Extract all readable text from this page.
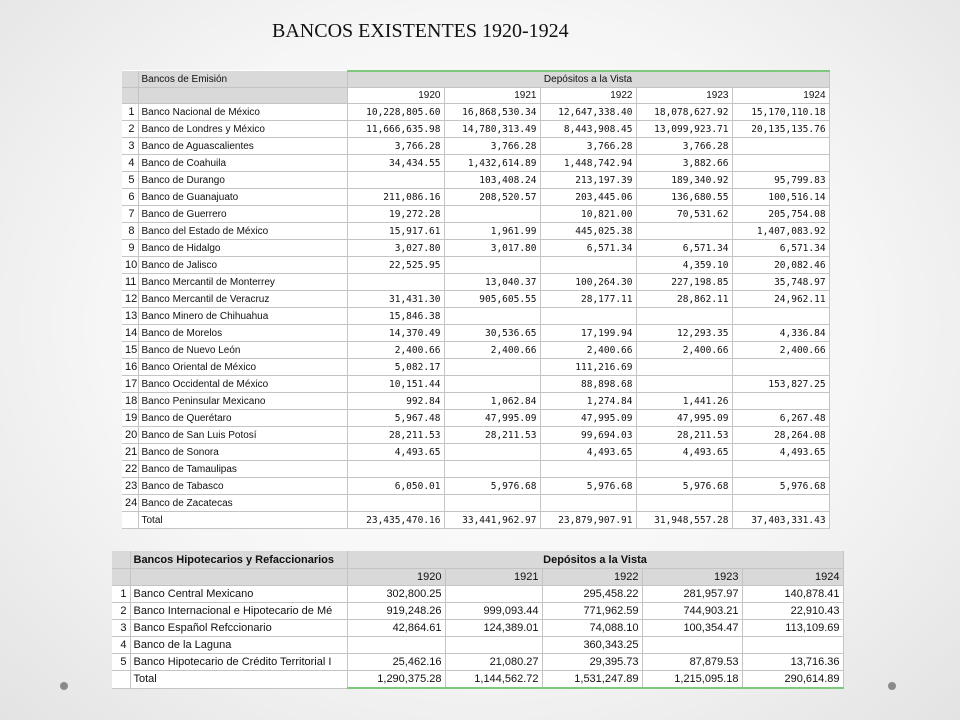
BANCOS EXISTENTES 1920-1924
	Bancos de Emisión	Depósitos a la Vista				
		1920	1921	1922	1923	1924
1	Banco Nacional de México	10,228,805.60	16,868,530.34	12,647,338.40	18,078,627.92	15,170,110.18
2	Banco de Londres y México	11,666,635.98	14,780,313.49	8,443,908.45	13,099,923.71	20,135,135.76
3	Banco de Aguascalientes	3,766.28	3,766.28	3,766.28	3,766.28	
4	Banco de Coahuila	34,434.55	1,432,614.89	1,448,742.94	3,882.66	
5	Banco de Durango		103,408.24	213,197.39	189,340.92	95,799.83
6	Banco de Guanajuato	211,086.16	208,520.57	203,445.06	136,680.55	100,516.14
7	Banco de Guerrero	19,272.28		10,821.00	70,531.62	205,754.08
8	Banco del Estado de México	15,917.61	1,961.99	445,025.38		1,407,083.92
9	Banco de Hidalgo	3,027.80	3,017.80	6,571.34	6,571.34	6,571.34
10	Banco de Jalisco	22,525.95			4,359.10	20,082.46
11	Banco Mercantil de Monterrey		13,040.37	100,264.30	227,198.85	35,748.97
12	Banco Mercantil de Veracruz	31,431.30	905,605.55	28,177.11	28,862.11	24,962.11
13	Banco Minero de Chihuahua	15,846.38				
14	Banco de Morelos	14,370.49	30,536.65	17,199.94	12,293.35	4,336.84
15	Banco de Nuevo León	2,400.66	2,400.66	2,400.66	2,400.66	2,400.66
16	Banco Oriental de México	5,082.17		111,216.69		
17	Banco Occidental de México	10,151.44		88,898.68		153,827.25
18	Banco Peninsular Mexicano	992.84	1,062.84	1,274.84	1,441.26	
19	Banco de Querétaro	5,967.48	47,995.09	47,995.09	47,995.09	6,267.48
20	Banco de San Luis Potosí	28,211.53	28,211.53	99,694.03	28,211.53	28,264.08
21	Banco de Sonora	4,493.65		4,493.65	4,493.65	4,493.65
22	Banco de Tamaulipas					
23	Banco de Tabasco	6,050.01	5,976.68	5,976.68	5,976.68	5,976.68
24	Banco de Zacatecas					
	Total	23,435,470.16	33,441,962.97	23,879,907.91	31,948,557.28	37,403,331.43
	Bancos Hipotecarios y Refaccionarios	Depósitos a la Vista				
		1920	1921	1922	1923	1924
1	Banco Central Mexicano	302,800.25		295,458.22	281,957.97	140,878.41
2	Banco Internacional e Hipotecario de Mé	919,248.26	999,093.44	771,962.59	744,903.21	22,910.43
3	Banco Español Refccionario	42,864.61	124,389.01	74,088.10	100,354.47	113,109.69
4	Banco de la Laguna			360,343.25		
5	Banco Hipotecario de Crédito Territorial I	25,462.16	21,080.27	29,395.73	87,879.53	13,716.36
	Total	1,290,375.28	1,144,562.72	1,531,247.89	1,215,095.18	290,614.89
